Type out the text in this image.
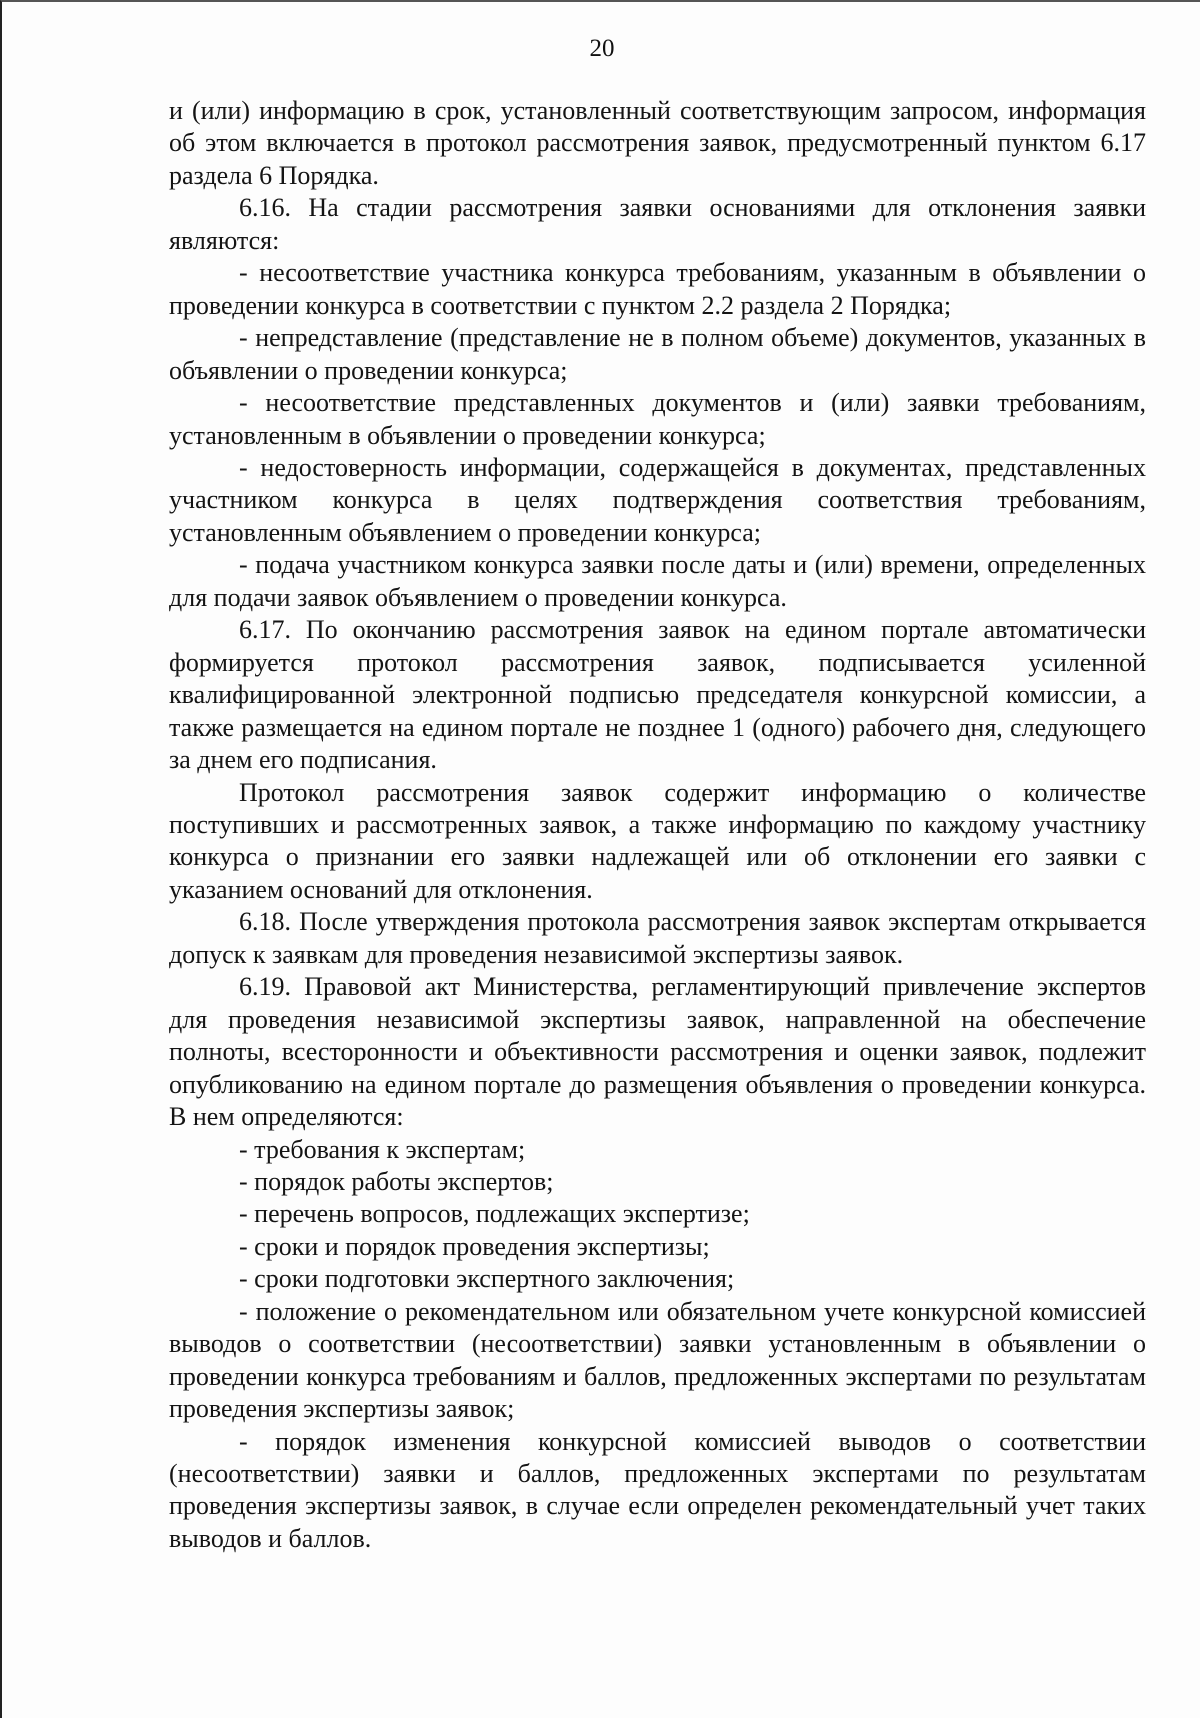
20

и (или) информацию в срок, установленный соответствующим запросом, информация об этом включается в протокол рассмотрения заявок, предусмотренный пунктом 6.17 раздела 6 Порядка.

6.16. На стадии рассмотрения заявки основаниями для отклонения заявки являются:

- несоответствие участника конкурса требованиям, указанным в объявлении о проведении конкурса в соответствии с пунктом 2.2 раздела 2 Порядка;

- непредставление (представление не в полном объеме) документов, указанных в объявлении о проведении конкурса;

- несоответствие представленных документов и (или) заявки требованиям, установленным в объявлении о проведении конкурса;

- недостоверность информации, содержащейся в документах, представленных участником конкурса в целях подтверждения соответствия требованиям, установленным объявлением о проведении конкурса;

- подача участником конкурса заявки после даты и (или) времени, определенных для подачи заявок объявлением о проведении конкурса.

6.17. По окончанию рассмотрения заявок на едином портале автоматически формируется протокол рассмотрения заявок, подписывается усиленной квалифицированной электронной подписью председателя конкурсной комиссии, а также размещается на едином портале не позднее 1 (одного) рабочего дня, следующего за днем его подписания.

Протокол рассмотрения заявок содержит информацию о количестве поступивших и рассмотренных заявок, а также информацию по каждому участнику конкурса о признании его заявки надлежащей или об отклонении его заявки с указанием оснований для отклонения.

6.18. После утверждения протокола рассмотрения заявок экспертам открывается допуск к заявкам для проведения независимой экспертизы заявок.

6.19. Правовой акт Министерства, регламентирующий привлечение экспертов для проведения независимой экспертизы заявок, направленной на обеспечение полноты, всесторонности и объективности рассмотрения и оценки заявок, подлежит опубликованию на едином портале до размещения объявления о проведении конкурса. В нем определяются:

- требования к экспертам;

- порядок работы экспертов;

- перечень вопросов, подлежащих экспертизе;

- сроки и порядок проведения экспертизы;

- сроки подготовки экспертного заключения;

- положение о рекомендательном или обязательном учете конкурсной комиссией выводов о соответствии (несоответствии) заявки установленным в объявлении о проведении конкурса требованиям и баллов, предложенных экспертами по результатам проведения экспертизы заявок;

- порядок изменения конкурсной комиссией выводов о соответствии (несоответствии) заявки и баллов, предложенных экспертами по результатам проведения экспертизы заявок, в случае если определен рекомендательный учет таких выводов и баллов.
